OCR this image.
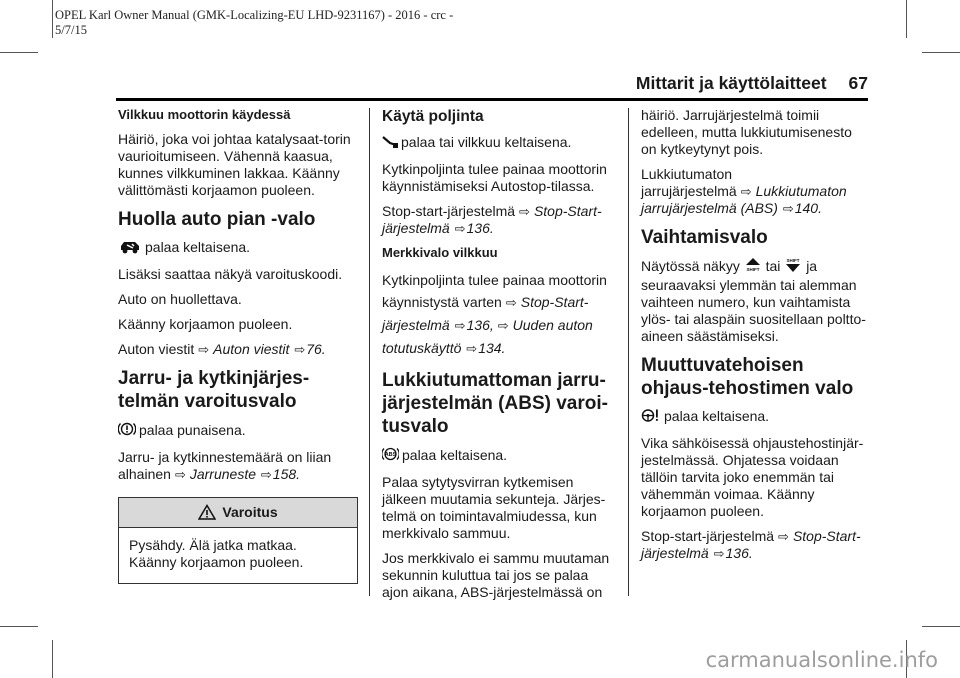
OPEL Karl Owner Manual (GMK-Localizing-EU LHD-9231167) - 2016 - crc -
5/7/15

Mittarit ja käyttölaitteet 67
Vilkkuu moottorin käydessä

Häiriö, joka voi johtaa katalysaat-torin vaurioitumiseen. Vähennä kaasua, kunnes vilkkuminen lakkaa. Käänny välittömästi korjaamon puoleen.

Huolla auto pian -valo

palaa keltaisena.

Lisäksi saattaa näkyä varoituskoodi.

Auto on huollettava.

Käänny korjaamon puoleen.

Auton viestit ⇨ Auton viestit ⇨76.

Jarru- ja kytkinjärjes-telmän varoitusvalo

palaa punaisena.

Jarru- ja kytkinnestemäärä on liian alhainen ⇨ Jarruneste ⇨158.

Varoitus

Pysähdy. Älä jatka matkaa. Käänny korjaamon puoleen.

Käytä poljinta

palaa tai vilkkuu keltaisena.

Kytkinpoljinta tulee painaa moottorin käynnistämiseksi Autostop-tilassa.

Stop-start-järjestelmä ⇨ Stop-Start-järjestelmä ⇨136.

Merkkivalo vilkkuu

Kytkinpoljinta tulee painaa moottorin käynnistystä varten ⇨ Stop-Start-järjestelmä ⇨136, ⇨ Uuden auton totutuskäyttö ⇨134.

Lukkiutumattoman jarru-järjestelmän (ABS) varoi-tusvalo

ABS palaa keltaisena.

Palaa sytytysvirran kytkemisen jälkeen muutamia sekunteja. Järjes-telmä on toimintavalmiudessa, kun merkkivalo sammuu.

Jos merkkivalo ei sammu muutaman sekunnin kuluttua tai jos se palaa ajon aikana, ABS-järjestelmässä on

häiriö. Jarrujärjestelmä toimii edelleen, mutta lukkiutumisenesto on kytkeytynyt pois.

Lukkiutumaton jarrujärjestelmä ⇨ Lukkiutumaton jarrujärjestelmä (ABS) ⇨140.

Vaihtamisvalo

Näytössä näkyy SHIFT tai SHIFT ja seuraavaksi ylemmän tai alemman vaihteen numero, kun vaihtamista ylös- tai alaspäin suositellaan poltto-aineen säästämiseksi.

Muuttuvatehoisen ohjaus-tehostimen valo

palaa keltaisena.

Vika sähköisessä ohjaustehostinjär-jestelmässä. Ohjatessa voidaan tällöin tarvita joko enemmän tai vähemmän voimaa. Käänny korjaamon puoleen.

Stop-start-järjestelmä ⇨ Stop-Start-järjestelmä ⇨136.

carmanualsonline.info
